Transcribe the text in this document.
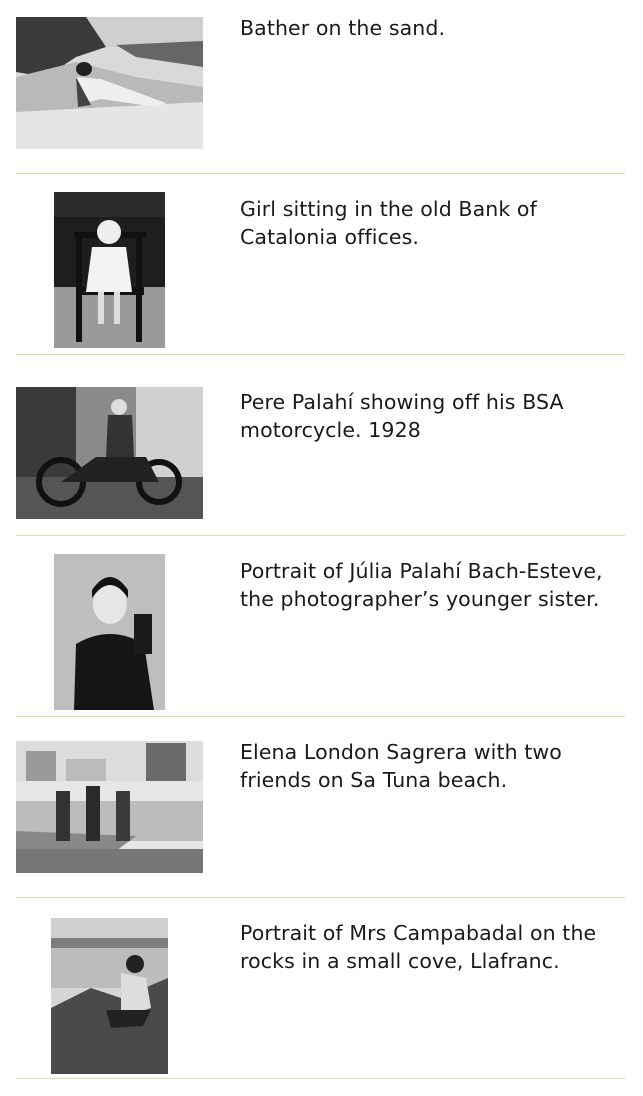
Bather on the sand.
Girl sitting in the old Bank of Catalonia offices.
Pere Palahí showing off his BSA motorcycle. 1928
Portrait of Júlia Palahí Bach-Esteve, the photographer’s younger sister.
Elena London Sagrera with two friends on Sa Tuna beach.
Portrait of Mrs Campabadal on the rocks in a small cove, Llafranc.
